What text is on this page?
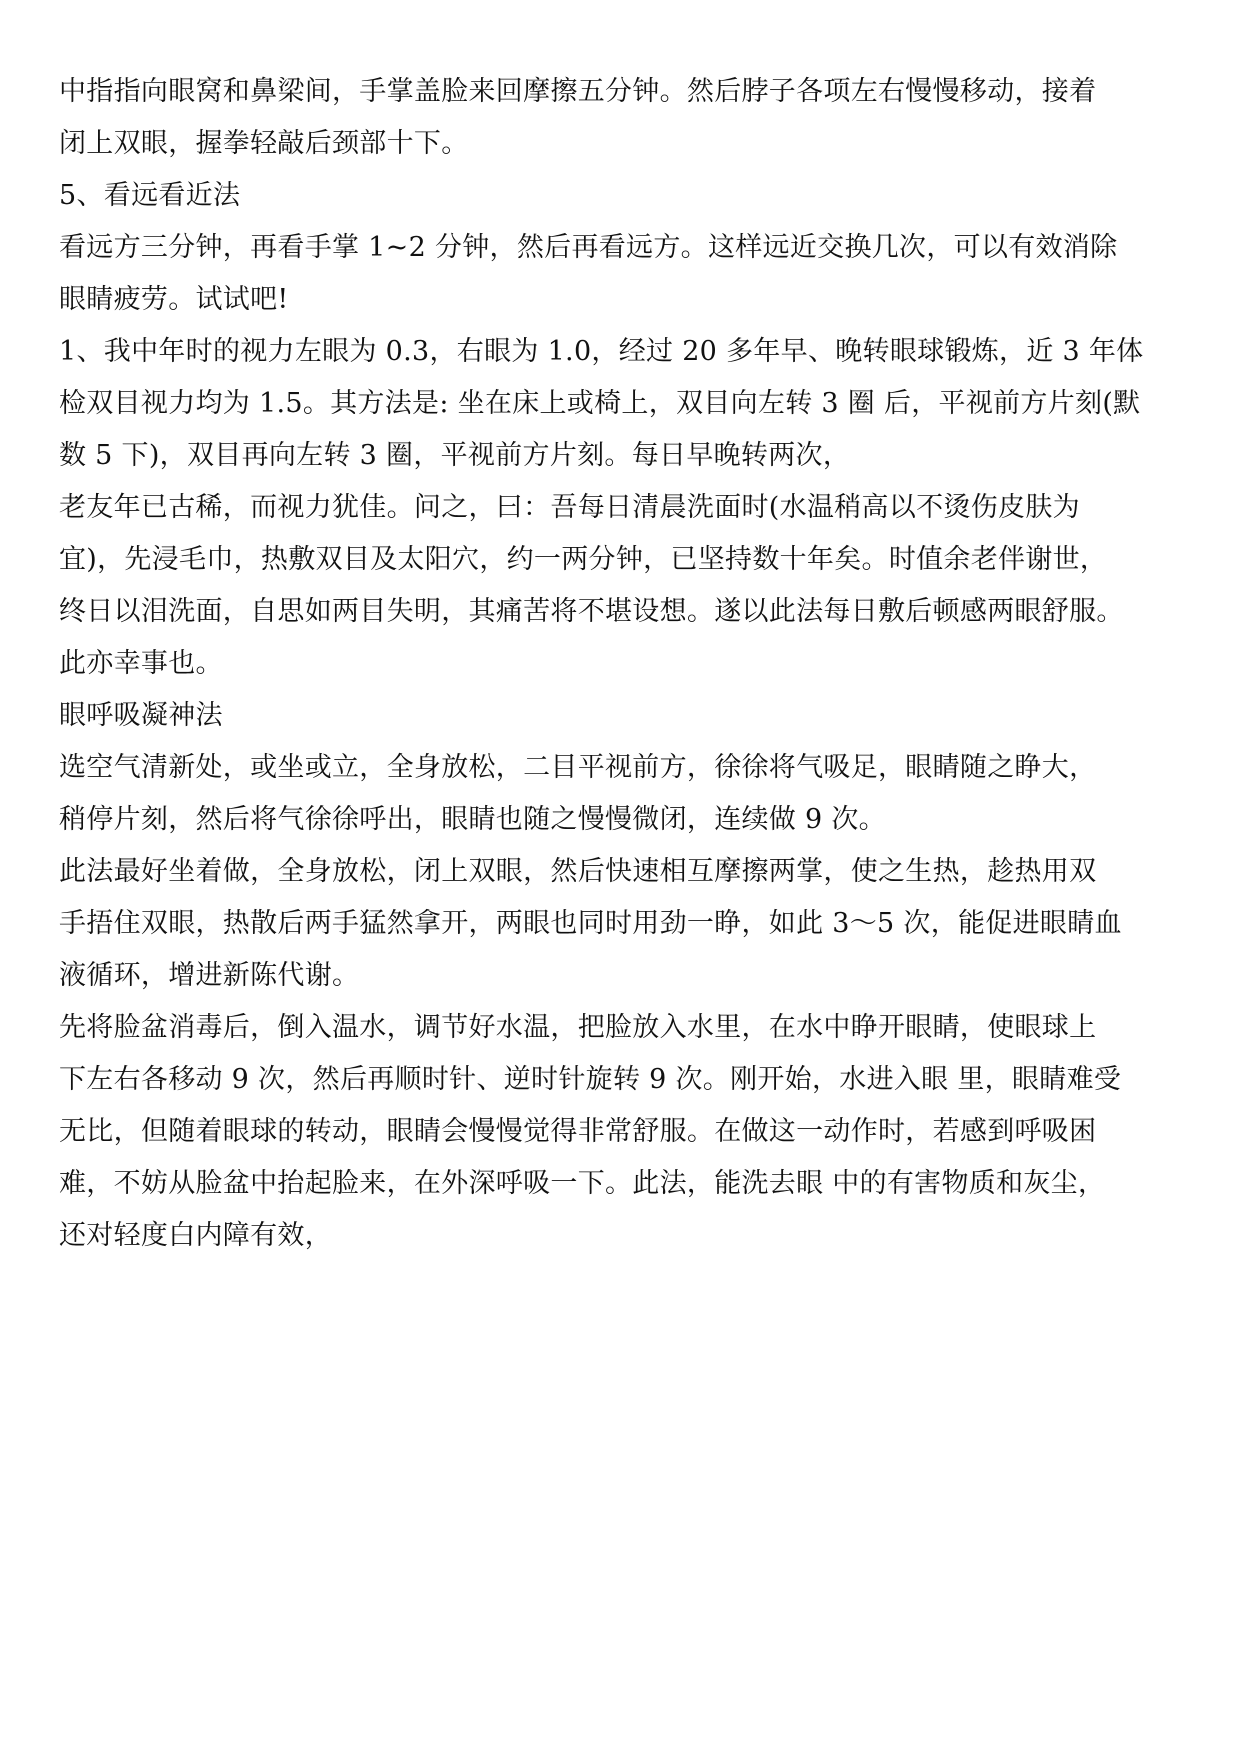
中指指向眼窝和鼻梁间，手掌盖脸来回摩擦五分钟。然后脖子各项左右慢慢移动，接着
闭上双眼，握拳轻敲后颈部十下。
5、看远看近法
看远方三分钟，再看手掌 1~2 分钟，然后再看远方。这样远近交换几次，可以有效消除
眼睛疲劳。试试吧!
1、我中年时的视力左眼为 0.3，右眼为 1.0，经过 20 多年早、晚转眼球锻炼，近 3 年体
检双目视力均为 1.5。其方法是: 坐在床上或椅上，双目向左转 3 圈 后，平视前方片刻(默
数 5 下)，双目再向左转 3 圈，平视前方片刻。每日早晚转两次，
老友年已古稀，而视力犹佳。问之，曰：吾每日清晨洗面时(水温稍高以不烫伤皮肤为
宜)，先浸毛巾，热敷双目及太阳穴，约一两分钟，已坚持数十年矣。时值余老伴谢世，
终日以泪洗面，自思如两目失明，其痛苦将不堪设想。遂以此法每日敷后顿感两眼舒服。
此亦幸事也。
眼呼吸凝神法
选空气清新处，或坐或立，全身放松，二目平视前方，徐徐将气吸足，眼睛随之睁大，
稍停片刻，然后将气徐徐呼出，眼睛也随之慢慢微闭，连续做 9 次。
此法最好坐着做，全身放松，闭上双眼，然后快速相互摩擦两掌，使之生热，趁热用双
手捂住双眼，热散后两手猛然拿开，两眼也同时用劲一睁，如此 3～5 次，能促进眼睛血
液循环，增进新陈代谢。
先将脸盆消毒后，倒入温水，调节好水温，把脸放入水里，在水中睁开眼睛，使眼球上
下左右各移动 9 次，然后再顺时针、逆时针旋转 9 次。刚开始，水进入眼 里，眼睛难受
无比，但随着眼球的转动，眼睛会慢慢觉得非常舒服。在做这一动作时，若感到呼吸困
难，不妨从脸盆中抬起脸来，在外深呼吸一下。此法，能洗去眼 中的有害物质和灰尘，
还对轻度白内障有效，
